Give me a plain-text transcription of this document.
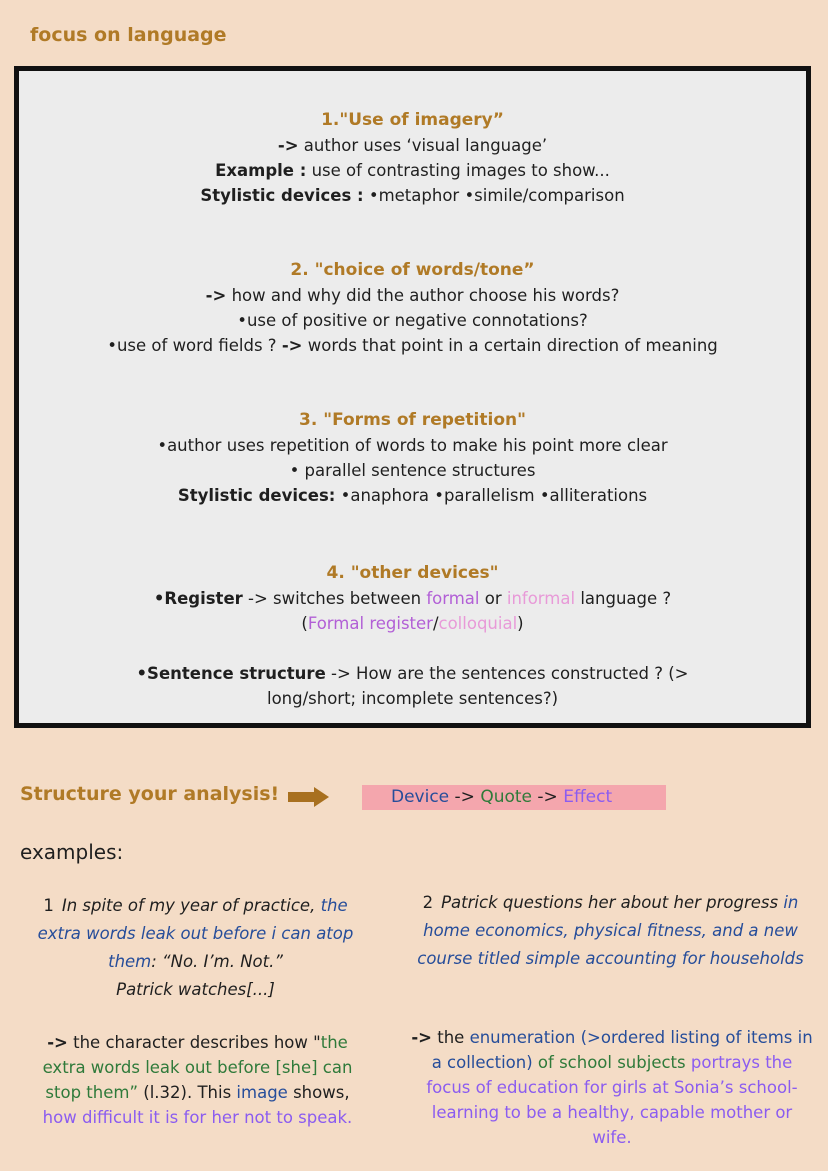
focus on language
1."Use of imagery”
-> author uses ‘visual language’
Example : use of contrasting images to show...
Stylistic devices : •metaphor •simile/comparison
2. "choice of words/tone”
-> how and why did the author choose his words?
•use of positive or negative connotations?
•use of word fields ? -> words that point in a certain direction of meaning
3. "Forms of repetition"
•author uses repetition of words to make his point more clear
• parallel sentence structures
Stylistic devices: •anaphora •parallelism •alliterations
4. "other devices"
•Register -> switches between formal or informal language ?
(Formal register/colloquial)
•Sentence structure -> How are the sentences constructed ? (>
long/short; incomplete sentences?)
Structure your analysis!	Device -> Quote -> Effect
examples:
1 In spite of my year of practice, the
extra words leak out before i can atop
them: “No. I’m. Not.”
Patrick watches[...]
2 Patrick questions her about her progress in
home economics, physical fitness, and a new
course titled simple accounting for households
-> the character describes how "the
extra words leak out before [she] can
stop them” (l.32). This image shows,
how difficult it is for her not to speak.
-> the enumeration (>ordered listing of items in
a collection) of school subjects portrays the
focus of education for girls at Sonia’s school-
learning to be a healthy, capable mother or
wife.
